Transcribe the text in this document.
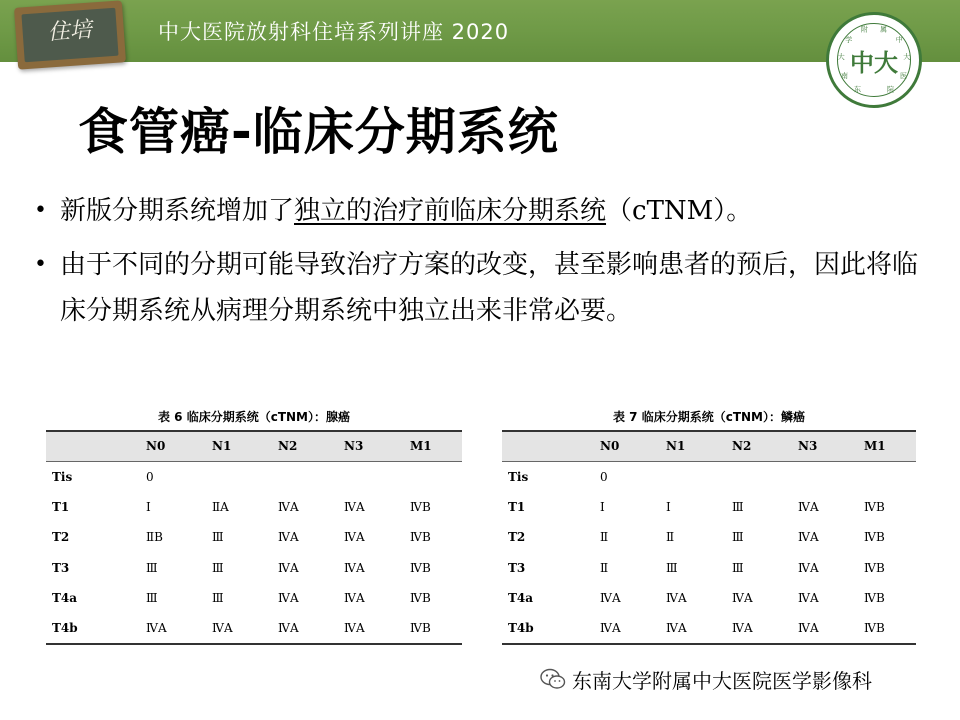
中大医院放射科住培系列讲座 2020
住培
中大
东
南
大
学
附 属
中
大
医
院
食管癌-临床分期系统
• 新版分期系统增加了独立的治疗前临床分期系统（cTNM）。
• 由于不同的分期可能导致治疗方案的改变，甚至影响患者的预后，因此将临床分期系统从病理分期系统中独立出来非常必要。
表 6 临床分期系统（cTNM）：腺癌
	N0	N1	N2	N3	M1
Tis	0				
T1	Ⅰ	ⅡA	ⅣA	ⅣA	ⅣB
T2	ⅡB	Ⅲ	ⅣA	ⅣA	ⅣB
T3	Ⅲ	Ⅲ	ⅣA	ⅣA	ⅣB
T4a	Ⅲ	Ⅲ	ⅣA	ⅣA	ⅣB
T4b	ⅣA	ⅣA	ⅣA	ⅣA	ⅣB
表 7 临床分期系统（cTNM）：鳞癌
	N0	N1	N2	N3	M1
Tis	0				
T1	Ⅰ	Ⅰ	Ⅲ	ⅣA	ⅣB
T2	Ⅱ	Ⅱ	Ⅲ	ⅣA	ⅣB
T3	Ⅱ	Ⅲ	Ⅲ	ⅣA	ⅣB
T4a	ⅣA	ⅣA	ⅣA	ⅣA	ⅣB
T4b	ⅣA	ⅣA	ⅣA	ⅣA	ⅣB
东南大学附属中大医院医学影像科
